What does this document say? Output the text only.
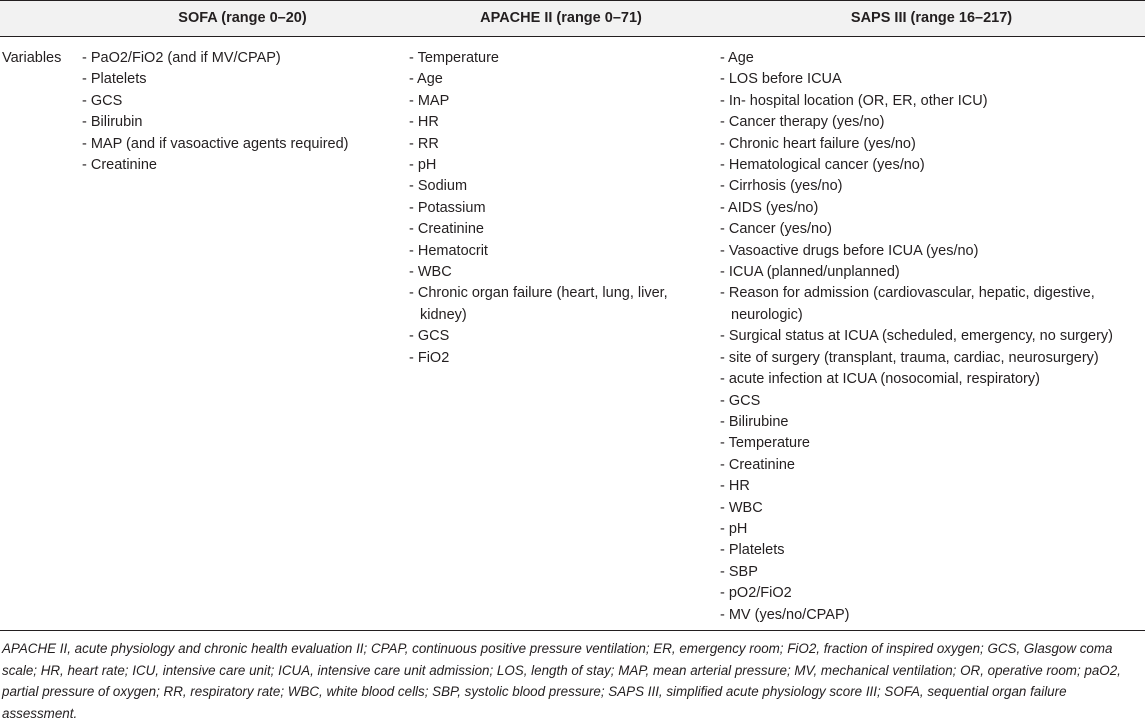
SOFA (range 0–20)	APACHE II (range 0–71)	SAPS III (range 16–217)
Variables - PaO2/FiO2 (and if MV/CPAP)
- Platelets
- GCS
- Bilirubin
- MAP (and if vasoactive agents required)
- Creatinine
- Temperature
- Age
- MAP
- HR
- RR
- pH
- Sodium
- Potassium
- Creatinine
- Hematocrit
- WBC
- Chronic organ failure (heart, lung, liver, kidney)
- GCS
- FiO2
- Age
- LOS before ICUA
- In- hospital location (OR, ER, other ICU)
- Cancer therapy (yes/no)
- Chronic heart failure (yes/no)
- Hematological cancer (yes/no)
- Cirrhosis (yes/no)
- AIDS (yes/no)
- Cancer (yes/no)
- Vasoactive drugs before ICUA (yes/no)
- ICUA (planned/unplanned)
- Reason for admission (cardiovascular, hepatic, digestive, neurologic)
- Surgical status at ICUA (scheduled, emergency, no surgery)
- site of surgery (transplant, trauma, cardiac, neurosurgery)
- acute infection at ICUA (nosocomial, respiratory)
- GCS
- Bilirubine
- Temperature
- Creatinine
- HR
- WBC
- pH
- Platelets
- SBP
- pO2/FiO2
- MV (yes/no/CPAP)
APACHE II, acute physiology and chronic health evaluation II; CPAP, continuous positive pressure ventilation; ER, emergency room; FiO2, fraction of inspired oxygen; GCS, Glasgow coma scale; HR, heart rate; ICU, intensive care unit; ICUA, intensive care unit admission; LOS, length of stay; MAP, mean arterial pressure; MV, mechanical ventilation; OR, operative room; paO2, partial pressure of oxygen; RR, respiratory rate; WBC, white blood cells; SBP, systolic blood pressure; SAPS III, simplified acute physiology score III; SOFA, sequential organ failure assessment.
